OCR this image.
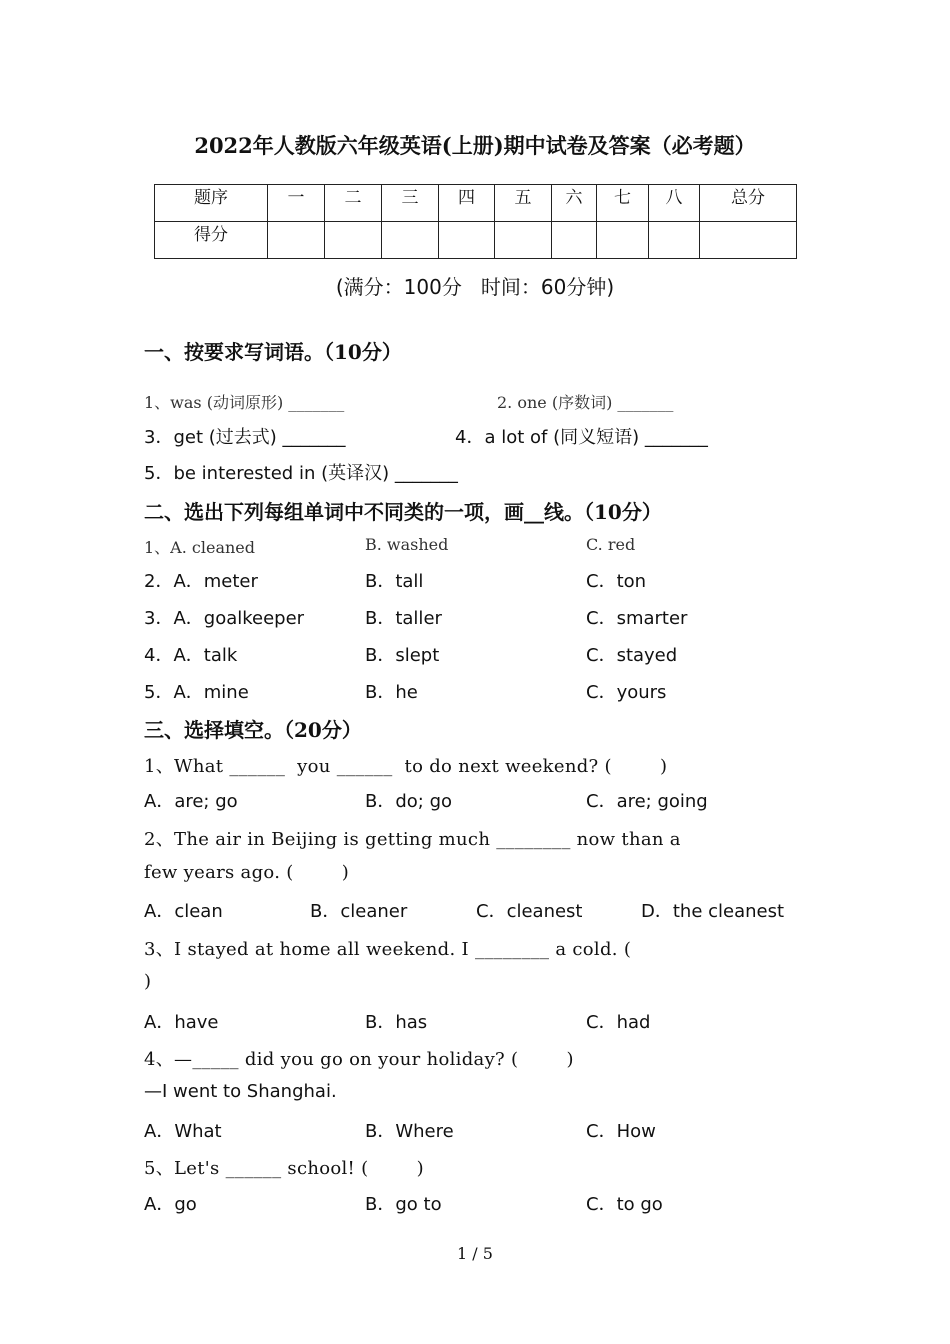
2022年人教版六年级英语(上册)期中试卷及答案（必考题）
题序	一	二	三	四	五	六	七	八	总分
得分									
(满分：100分   时间：60分钟)
一、按要求写词语。（10分）
1、was (动词原形) _______	2. one (序数词) _______
3．get (过去式) _______	4．a lot of (同义短语) _______
5．be interested in (英译汉) _______
二、选出下列每组单词中不同类的一项，画__线。（10分）
1、A. cleaned	B. washed	C. red
2．A．meter	B．tall	C．ton
3．A．goalkeeper	B．taller	C．smarter
4．A．talk	B．slept	C．stayed
5．A．mine	B．he	C．yours
三、选择填空。（20分）
1、What ______  you ______  to do next weekend? (        )
A．are; go	B．do; go	C．are; going
2、The air in Beijing is getting much ________ now than a
few years ago. (        )
A．clean	B．cleaner	C．cleanest	D．the cleanest
3、I stayed at home all weekend. I ________ a cold. (
)
A．have	B．has	C．had
4、—_____ did you go on your holiday? (        )
—I went to Shanghai.
A．What	B．Where	C．How
5、Let's ______ school! (        )
A．go	B．go to	C．to go
1 / 5
